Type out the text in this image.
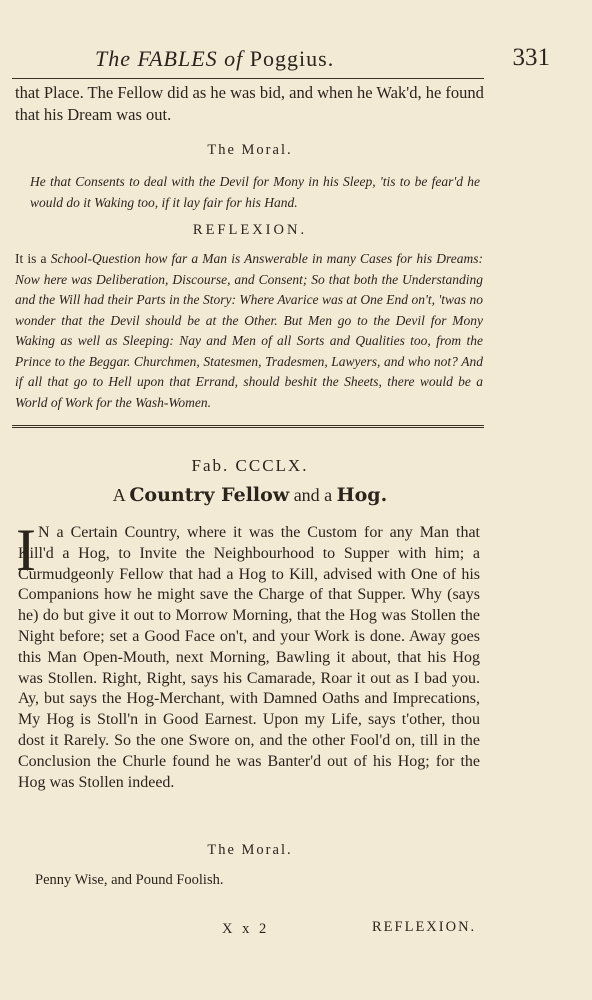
The FABLES of Poggius.	331
that Place. The Fellow did as he was bid, and when he Wak'd, he found that his Dream was out.
The Moral.
He that Consents to deal with the Devil for Mony in his Sleep, 'tis to be fear'd he would do it Waking too, if it lay fair for his Hand.
REFLEXION.
It is a School-Question how far a Man is Answerable in many Cases for his Dreams: Now here was Deliberation, Discourse, and Consent; So that both the Understanding and the Will had their Parts in the Story: Where Avarice was at One End on't, 'twas no wonder that the Devil should be at the Other. But Men go to the Devil for Mony Waking as well as Sleeping: Nay and Men of all Sorts and Qualities too, from the Prince to the Beggar. Churchmen, Statesmen, Tradesmen, Lawyers, and who not? And if all that go to Hell upon that Errand, should beshit the Sheets, there would be a World of Work for the Wash-Women.
Fab. CCCLX.
A Country Fellow and a Hog.
I N a Certain Country, where it was the Custom for any Man that Kill'd a Hog, to Invite the Neighbourhood to Supper with him; a Curmudgeonly Fellow that had a Hog to Kill, advised with One of his Companions how he might save the Charge of that Supper. Why (says he) do but give it out to Morrow Morning, that the Hog was Stollen the Night before; set a Good Face on't, and your Work is done. Away goes this Man Open-Mouth, next Morning, Bawling it about, that his Hog was Stollen. Right, Right, says his Camarade, Roar it out as I bad you. Ay, but says the Hog-Merchant, with Damned Oaths and Imprecations, My Hog is Stoll'n in Good Earnest. Upon my Life, says t'other, thou dost it Rarely. So the one Swore on, and the other Fool'd on, till in the Conclusion the Churle found he was Banter'd out of his Hog; for the Hog was Stollen indeed.
The Moral.
Penny Wise, and Pound Foolish.
X x 2	REFLEXION.
